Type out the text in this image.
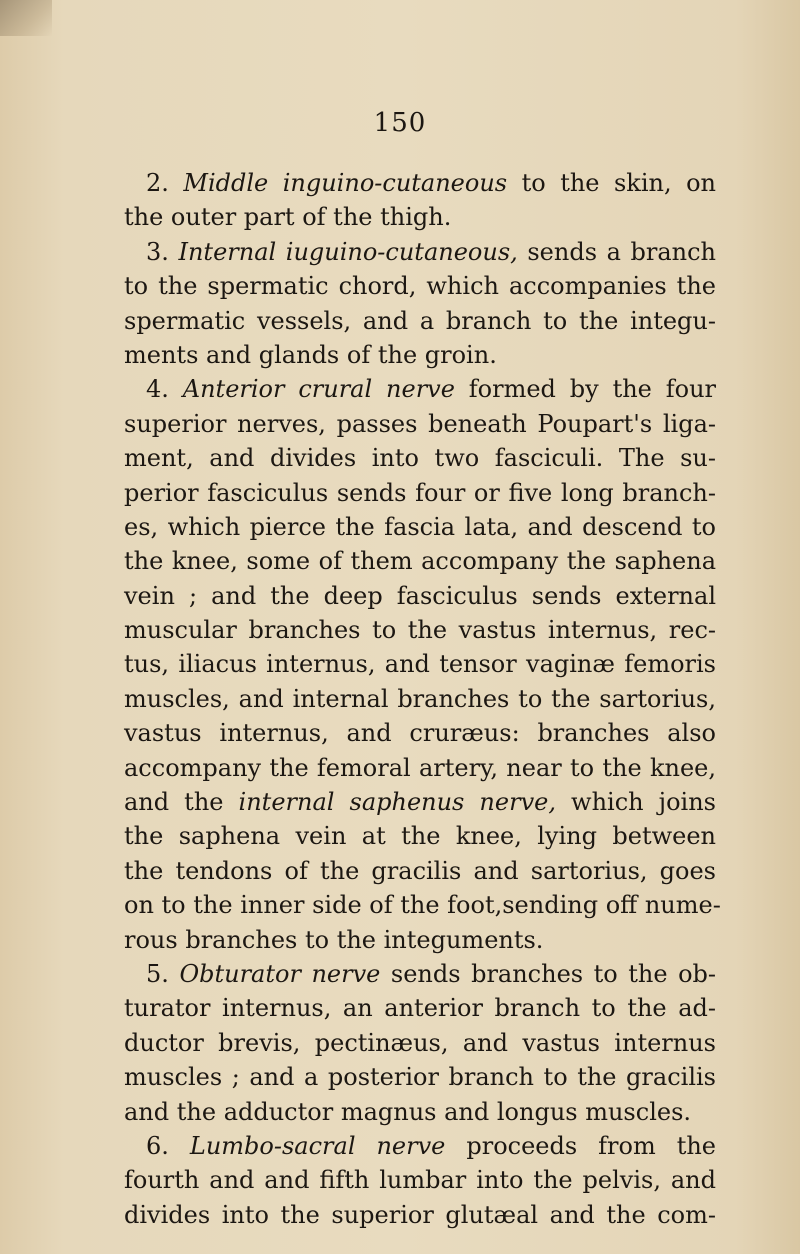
150
2. Middle inguino-cutaneous to the skin, on
the outer part of the thigh.
3. Internal iuguino-cutaneous, sends a branch
to the spermatic chord, which accompanies the
spermatic vessels, and a branch to the integu-
ments and glands of the groin.
4. Anterior crural nerve formed by the four
superior nerves, passes beneath Poupart's liga-
ment, and divides into two fasciculi. The su-
perior fasciculus sends four or five long branch-
es, which pierce the fascia lata, and descend to
the knee, some of them accompany the saphena
vein ; and the deep fasciculus sends external
muscular branches to the vastus internus, rec-
tus, iliacus internus, and tensor vaginæ femoris
muscles, and internal branches to the sartorius,
vastus internus, and cruræus: branches also
accompany the femoral artery, near to the knee,
and the internal saphenus nerve, which joins
the saphena vein at the knee, lying between
the tendons of the gracilis and sartorius, goes
on to the inner side of the foot,sending off nume-
rous branches to the integuments.
5. Obturator nerve sends branches to the ob-
turator internus, an anterior branch to the ad-
ductor brevis, pectinæus, and vastus internus
muscles ; and a posterior branch to the gracilis
and the adductor magnus and longus muscles.
6. Lumbo-sacral nerve proceeds from the
fourth and and fifth lumbar into the pelvis, and
divides into the superior glutæal and the com-
